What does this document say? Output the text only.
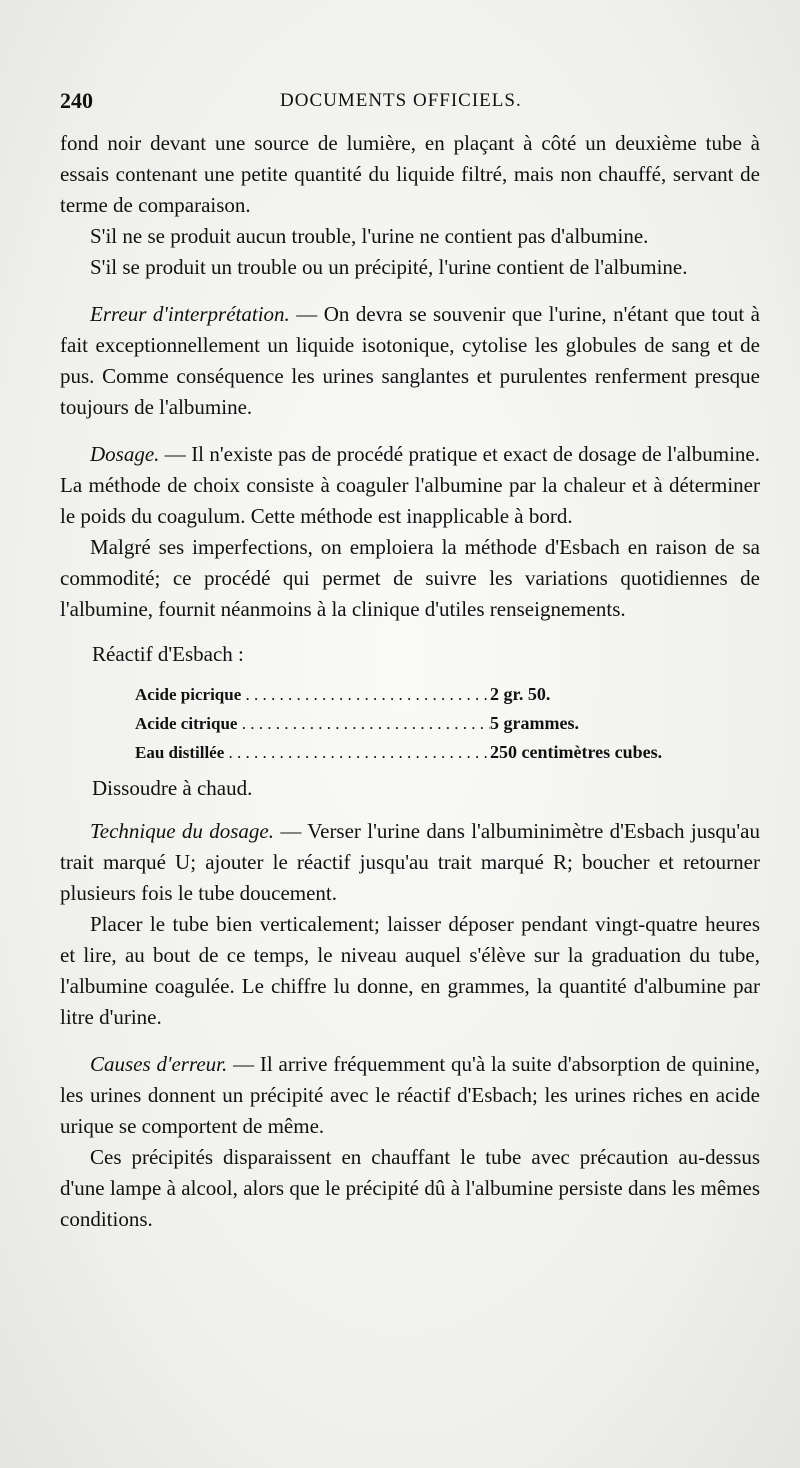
240	DOCUMENTS OFFICIELS.

fond noir devant une source de lumière, en plaçant à côté un deuxième tube à essais contenant une petite quantité du liquide filtré, mais non chauffé, servant de terme de comparaison.

S'il ne se produit aucun trouble, l'urine ne contient pas d'albumine.

S'il se produit un trouble ou un précipité, l'urine contient de l'albumine.

Erreur d'interprétation. — On devra se souvenir que l'urine, n'étant que tout à fait exceptionnellement un liquide isotonique, cytolise les globules de sang et de pus. Comme conséquence les urines sanglantes et purulentes renferment presque toujours de l'albumine.

Dosage. — Il n'existe pas de procédé pratique et exact de dosage de l'albumine. La méthode de choix consiste à coaguler l'albumine par la chaleur et à déterminer le poids du coagulum. Cette méthode est inapplicable à bord.

Malgré ses imperfections, on emploiera la méthode d'Esbach en raison de sa commodité; ce procédé qui permet de suivre les variations quotidiennes de l'albumine, fournit néanmoins à la clinique d'utiles renseignements.

Réactif d'Esbach :
Acide picrique . . .	2 gr. 50.
Acide citrique . . .	5 grammes.
Eau distillée . . .	250 centimètres cubes.
Dissoudre à chaud.

Technique du dosage. — Verser l'urine dans l'albuminimètre d'Esbach jusqu'au trait marqué U; ajouter le réactif jusqu'au trait marqué R; boucher et retourner plusieurs fois le tube doucement.

Placer le tube bien verticalement; laisser déposer pendant vingt-quatre heures et lire, au bout de ce temps, le niveau auquel s'élève sur la graduation du tube, l'albumine coagulée. Le chiffre lu donne, en grammes, la quantité d'albumine par litre d'urine.

Causes d'erreur. — Il arrive fréquemment qu'à la suite d'absorption de quinine, les urines donnent un précipité avec le réactif d'Esbach; les urines riches en acide urique se comportent de même.

Ces précipités disparaissent en chauffant le tube avec précaution au-dessus d'une lampe à alcool, alors que le précipité dû à l'albumine persiste dans les mêmes conditions.
